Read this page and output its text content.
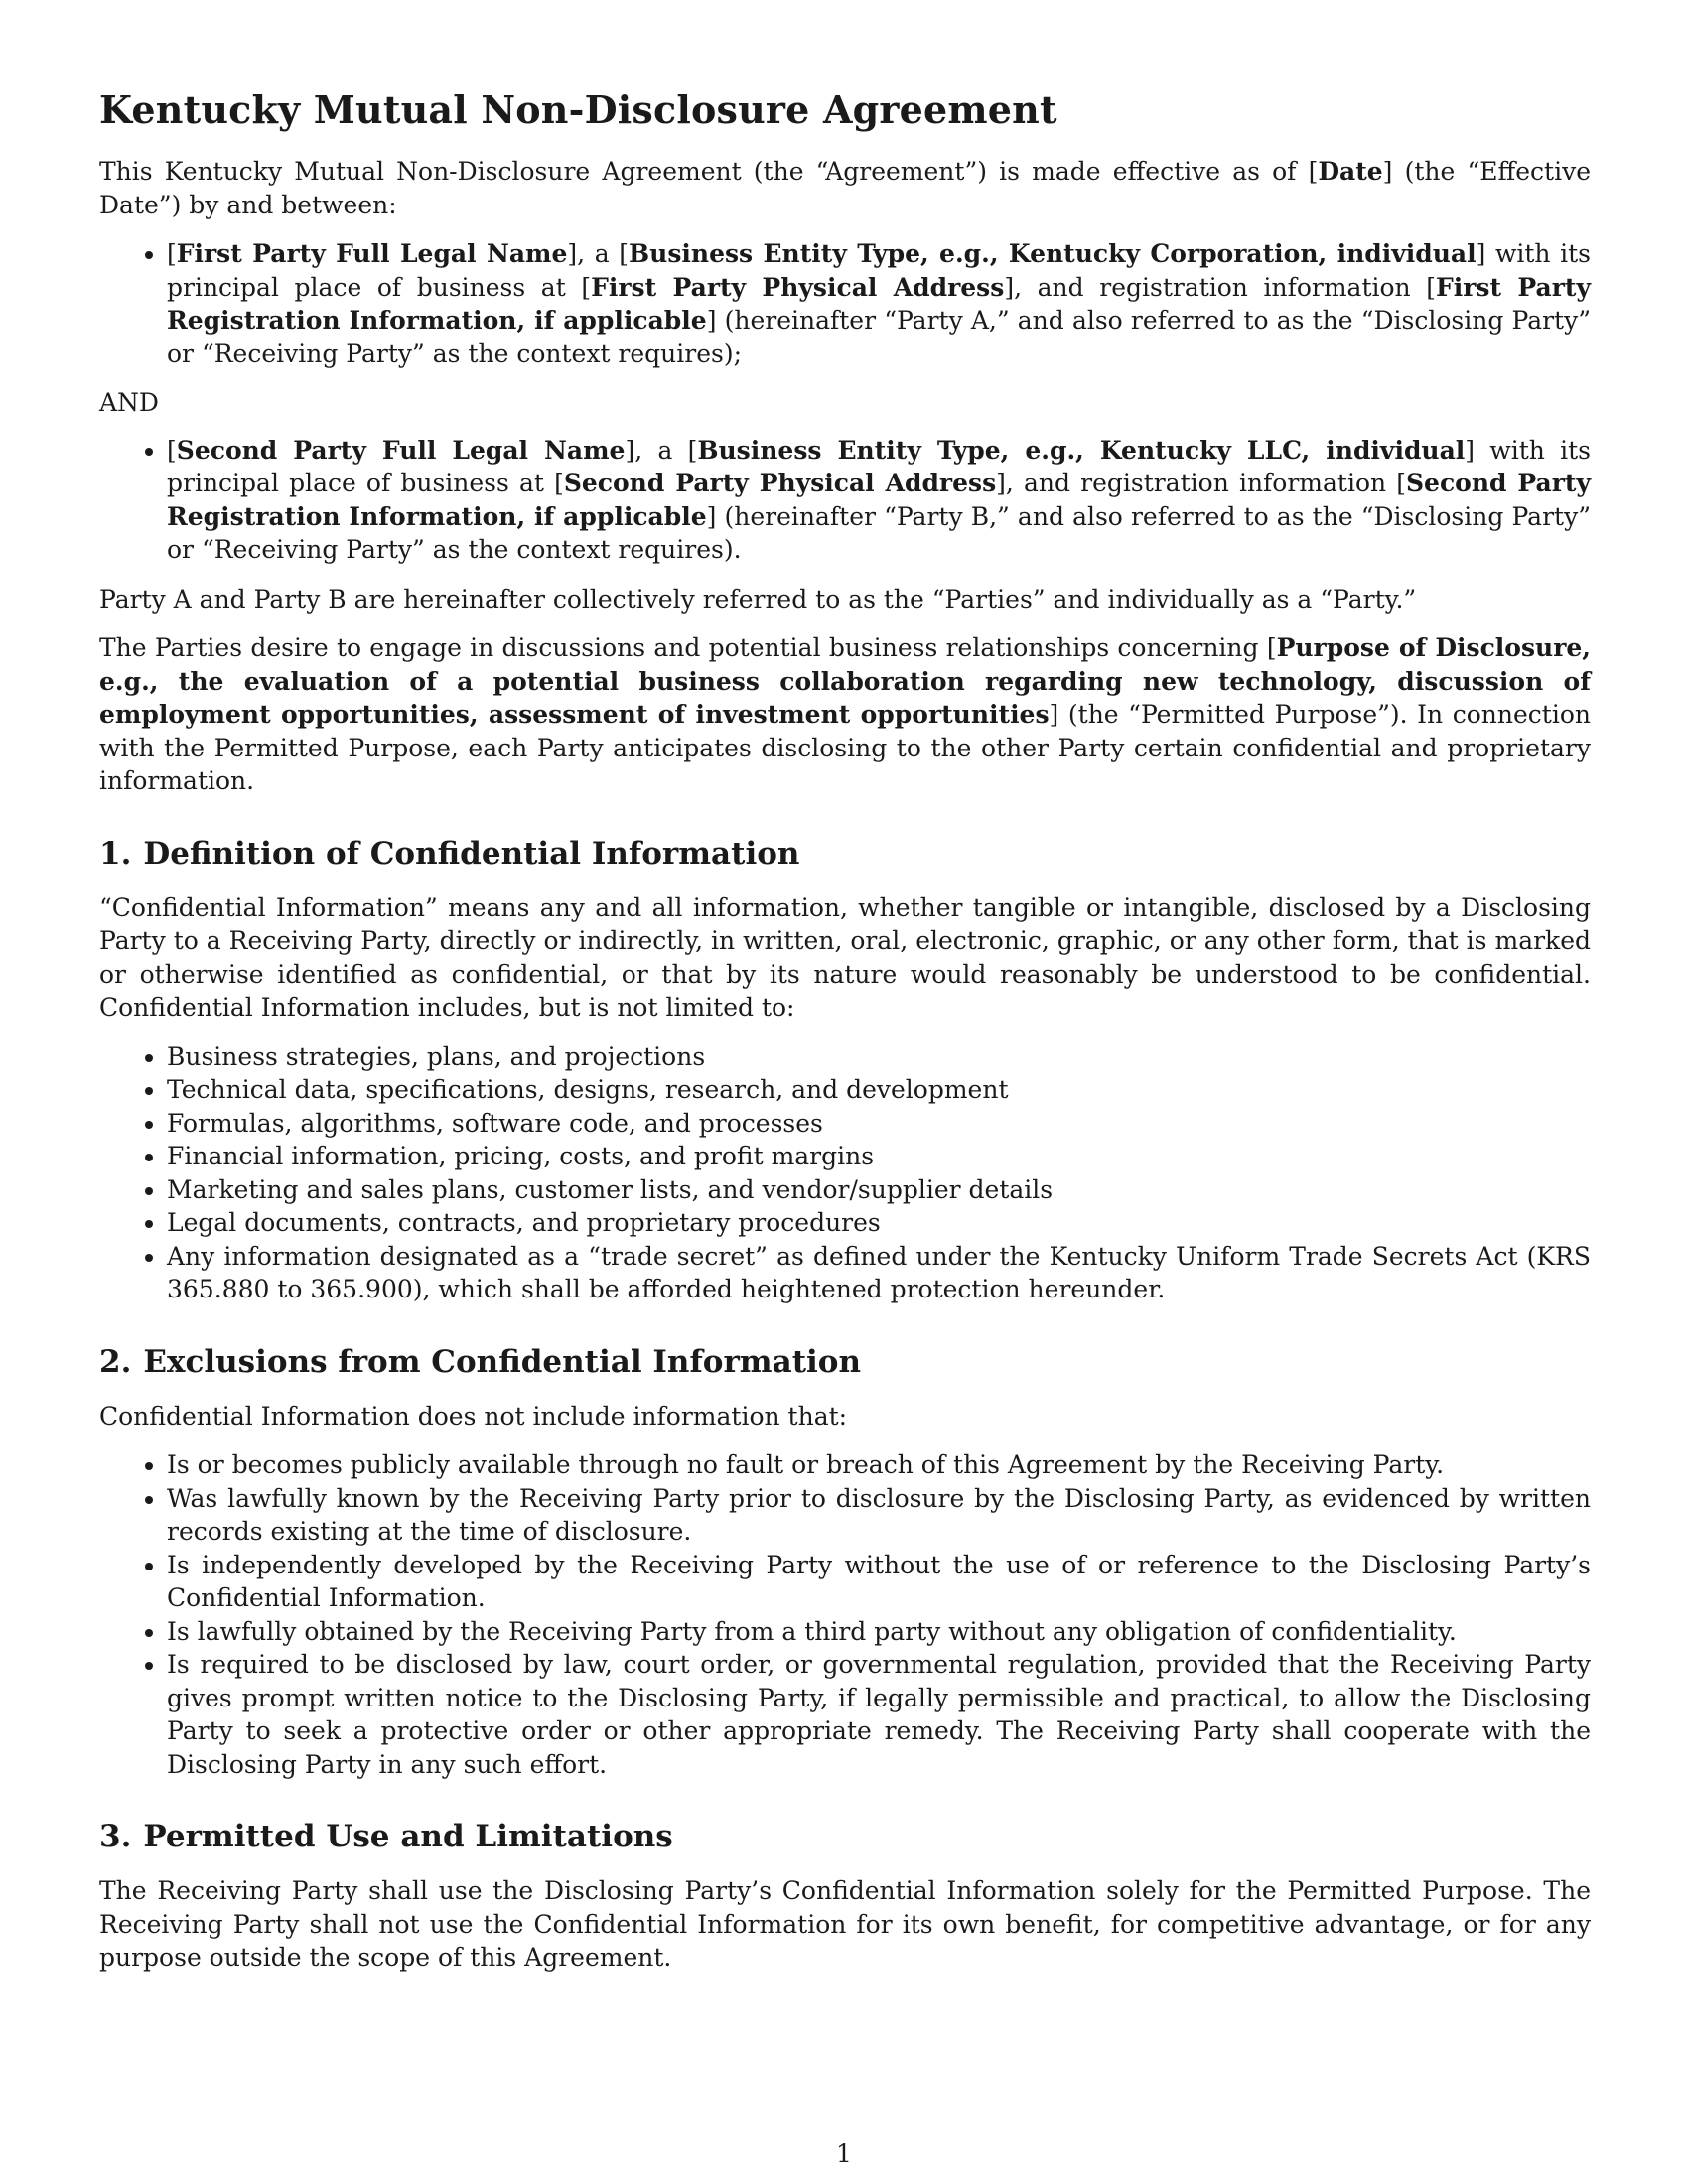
Kentucky Mutual Non-Disclosure Agreement

This Kentucky Mutual Non-Disclosure Agreement (the “Agreement”) is made effective as of [Date] (the “Effective Date”) by and between:

• [First Party Full Legal Name], a [Business Entity Type, e.g., Kentucky Corporation, individual] with its principal place of business at [First Party Physical Address], and registration information [First Party Registration Information, if applicable] (hereinafter “Party A,” and also referred to as the “Disclosing Party” or “Receiving Party” as the context requires);

AND

• [Second Party Full Legal Name], a [Business Entity Type, e.g., Kentucky LLC, individual] with its principal place of business at [Second Party Physical Address], and registration information [Second Party Registration Information, if applicable] (hereinafter “Party B,” and also referred to as the “Disclosing Party” or “Receiving Party” as the context requires).

Party A and Party B are hereinafter collectively referred to as the “Parties” and individually as a “Party.”

The Parties desire to engage in discussions and potential business relationships concerning [Purpose of Disclosure, e.g., the evaluation of a potential business collaboration regarding new technology, discussion of employment opportunities, assessment of investment opportunities] (the “Permitted Purpose”). In connection with the Permitted Purpose, each Party anticipates disclosing to the other Party certain confidential and proprietary information.

1. Definition of Confidential Information

“Confidential Information” means any and all information, whether tangible or intangible, disclosed by a Disclosing Party to a Receiving Party, directly or indirectly, in written, oral, electronic, graphic, or any other form, that is marked or otherwise identified as confidential, or that by its nature would reasonably be understood to be confidential. Confidential Information includes, but is not limited to:

• Business strategies, plans, and projections
• Technical data, specifications, designs, research, and development
• Formulas, algorithms, software code, and processes
• Financial information, pricing, costs, and profit margins
• Marketing and sales plans, customer lists, and vendor/supplier details
• Legal documents, contracts, and proprietary procedures
• Any information designated as a “trade secret” as defined under the Kentucky Uniform Trade Secrets Act (KRS 365.880 to 365.900), which shall be afforded heightened protection hereunder.
2. Exclusions from Confidential Information

Confidential Information does not include information that:

• Is or becomes publicly available through no fault or breach of this Agreement by the Receiving Party.
• Was lawfully known by the Receiving Party prior to disclosure by the Disclosing Party, as evidenced by written records existing at the time of disclosure.
• Is independently developed by the Receiving Party without the use of or reference to the Disclosing Party’s Confidential Information.
• Is lawfully obtained by the Receiving Party from a third party without any obligation of confidentiality.
• Is required to be disclosed by law, court order, or governmental regulation, provided that the Receiving Party gives prompt written notice to the Disclosing Party, if legally permissible and practical, to allow the Disclosing Party to seek a protective order or other appropriate remedy. The Receiving Party shall cooperate with the Disclosing Party in any such effort.
3. Permitted Use and Limitations

The Receiving Party shall use the Disclosing Party’s Confidential Information solely for the Permitted Purpose. The Receiving Party shall not use the Confidential Information for its own benefit, for competitive advantage, or for any purpose outside the scope of this Agreement.

1
